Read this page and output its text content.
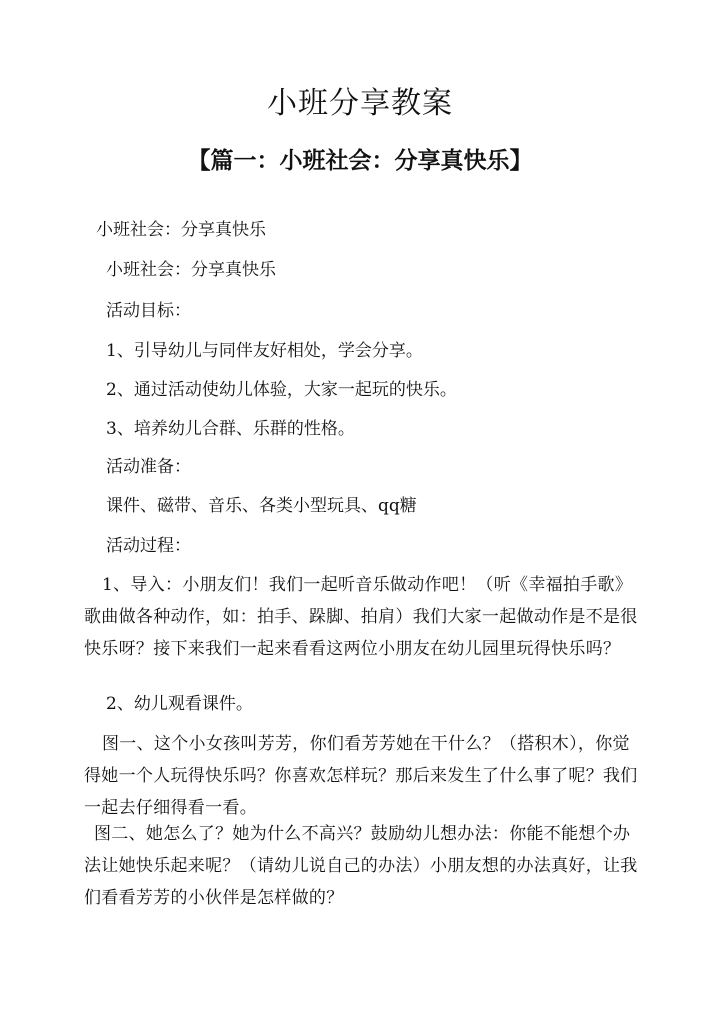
小班分享教案
【篇一：小班社会：分享真快乐】

小班社会：分享真快乐

小班社会：分享真快乐

活动目标：

1、引导幼儿与同伴友好相处，学会分享。

2、通过活动使幼儿体验，大家一起玩的快乐。

3、培养幼儿合群、乐群的性格。

活动准备：

课件、磁带、音乐、各类小型玩具、qq糖

活动过程：

1、导入：小朋友们！我们一起听音乐做动作吧！（听《幸福拍手歌》歌曲做各种动作，如：拍手、跺脚、拍肩）我们大家一起做动作是不是很快乐呀？接下来我们一起来看看这两位小朋友在幼儿园里玩得快乐吗？

2、幼儿观看课件。

图一、这个小女孩叫芳芳，你们看芳芳她在干什么？（搭积木），你觉得她一个人玩得快乐吗？你喜欢怎样玩？那后来发生了什么事了呢？我们一起去仔细得看一看。

图二、她怎么了？她为什么不高兴？鼓励幼儿想办法：你能不能想个办法让她快乐起来呢？（请幼儿说自己的办法）小朋友想的办法真好，让我们看看芳芳的小伙伴是怎样做的？
